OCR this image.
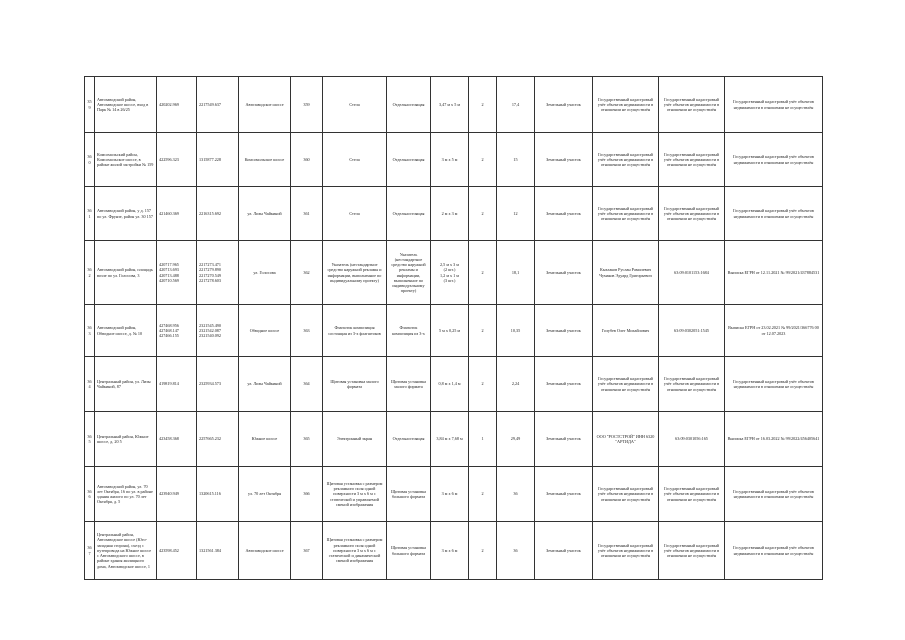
359	Автозаводский район, Автозаводское шоссе, вход в Парк № 14 в 26/25	420202.969	2217549.637	Автозаводское шоссе	359	Стела	Отдельностоящая	3,47 м х 5 м	2	17,4	Земельный участок	Государственный кадастровый учёт объектов недвижимости в отношении не осуществлён	Государственный кадастровый учёт объектов недвижимости в отношении не осуществлён	Государственный кадастровый учёт объектов недвижимости в отношении не осуществлён
360	Комсомольский район, Комсомольское шоссе, в районе жилой застройки № 159	422596.323	1315877.228	Комсомольское шоссе	360	Стела	Отдельностоящая	3 м х 5 м	2	15	Земельный участок	Государственный кадастровый учёт объектов недвижимости в отношении не осуществлён	Государственный кадастровый учёт объектов недвижимости в отношении не осуществлён	Государственный кадастровый учёт объектов недвижимости в отношении не осуществлён
361	Автозаводский район, у д. 157 по ул. Фрунзе, район ул. 30 157	421460.369	2216315.692	ул. Лизы Чайкиной	361	Стела	Отдельностоящая	2 м х 3 м	2	12	Земельный участок	Государственный кадастровый учёт объектов недвижимости в отношении не осуществлён	Государственный кадастровый учёт объектов недвижимости в отношении не осуществлён	Государственный кадастровый учёт объектов недвижимости в отношении не осуществлён
362	Автозаводский район, площадь возле по ул. Голосова, 3	420717.965
420713.693
420713.488
420710.569	2217273.471
2217279.890
2217270.549
2217278.603	ул. Голосова	362	Указатель (нестандартное средство наружной рекламы и информации, выполненное по индивидуальному проекту)	Указатель (нестандартное средство наружной рекламы и информации, выполненное по индивидуальному проекту)	2,5 м х 3 м
(2 шт.)
1,2 м х 1 м
(3 шт.)	2	18,1	Земельный участок	Кызлаков Руслан Рамилевич Чумаков Эдуард Григорьевич	63:09:0101153:1684	Выписка ЕГРН от 12.11.2021 № 99/2021/437884531
363	Автозаводский район, Обводное шоссе, д. № 10	427468.956
427468.147
427466.155	2321545.490
2321542.087
2321540.092	Обводное шоссе	363	Флагшток композиция состоящая из 3-х флагштоков	Флагшток композиция из 3-х	5 м х 0,25 м	2	10,35	Земельный участок	Голубев Олег Михайлович	63:09:0302051:1545	Выписка ЕГРН от 23.02.2021 № 99/2021/366776 00 от 12.07.2023
364	Центральный район, ул. Лизы Чайкиной, 87	419819.814	2325934.573	ул. Лизы Чайкиной	364	Щитовая установка малого формата	Щитовая установка малого формата	0,8 м х 1,4 м	2	2,24	Земельный участок	Государственный кадастровый учёт объектов недвижимости в отношении не осуществлён	Государственный кадастровый учёт объектов недвижимости в отношении не осуществлён	Государственный кадастровый учёт объектов недвижимости в отношении не осуществлён
365	Центральный район, Южное шоссе, д. 20 5	423458.368	2257665.232	Южное шоссе	365	Электронный экран	Отдельностоящая	3,84 м х 7,68 м	1	29,49	Земельный участок	ООО "РОСТСТРОЙ" ИНН 6320 "АРТИДА"	63:09:0301056:165	Выписка ЕГРН от 16.03.2022 № 99/2022/456405641
366	Автозаводский район, ул. 70 лет Октября, 16 по ул. в районе здания жилого по ул. 70 лет Октября, д. 5	423940.949	1320615.116	ул. 70 лет Октября	366	Щитовая установка с размером рекламного поля одной поверхности 3 м x 6 м с статической и управляемой сменой изображения	Щитовая установка большого формата	3 м х 6 м	2	36	Земельный участок	Государственный кадастровый учёт объектов недвижимости в отношении не осуществлён	Государственный кадастровый учёт объектов недвижимости в отношении не осуществлён	Государственный кадастровый учёт объектов недвижимости в отношении не осуществлён
367	Центральный район, Автозаводское шоссе (Юго-западная сторона), съезд с путепровода на Южное шоссе с Автозаводского шоссе, в районе здания жилищного дома, Автозаводское шоссе, 1	423598.452	1321561.384	Автозаводское шоссе	367	Щитовая установка с размером рекламного поля одной поверхности 3 м x 6 м с статической и динамической сменой изображения	Щитовая установка большого формата	3 м х 6 м	2	36	Земельный участок	Государственный кадастровый учёт объектов недвижимости в отношении не осуществлён	Государственный кадастровый учёт объектов недвижимости в отношении не осуществлён	Государственный кадастровый учёт объектов недвижимости в отношении не осуществлён
